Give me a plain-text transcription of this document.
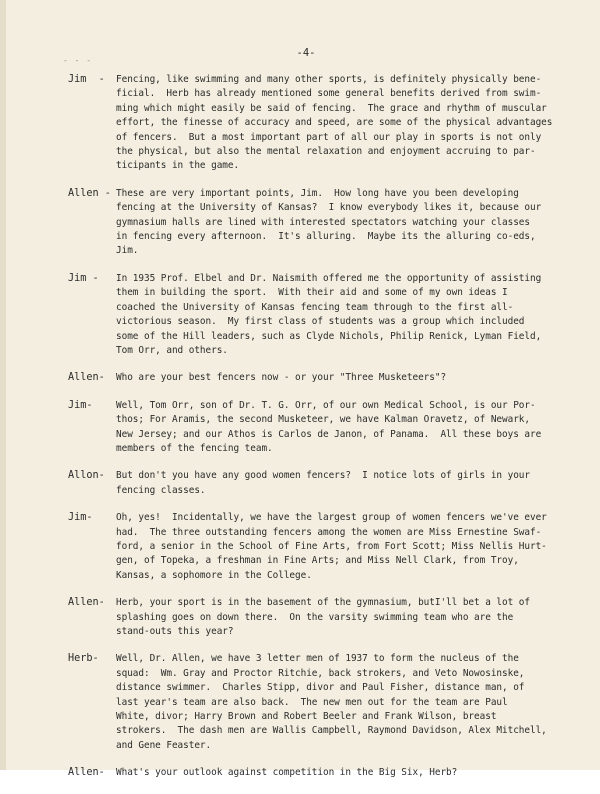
- - -
-4-
Jim  -	Fencing, like swimming and many other sports, is definitely physically bene-
ficial.  Herb has already mentioned some general benefits derived from swim-
ming which might easily be said of fencing.  The grace and rhythm of muscular
effort, the finesse of accuracy and speed, are some of the physical advantages
of fencers.  But a most important part of all our play in sports is not only
the physical, but also the mental relaxation and enjoyment accruing to par-
ticipants in the game.
Allen - These are very important points, Jim.  How long have you been developing
fencing at the University of Kansas?  I know everybody likes it, because our
gymnasium halls are lined with interested spectators watching your classes
in fencing every afternoon.  It's alluring.  Maybe its the alluring co-eds,
Jim.
Jim -	In 1935 Prof. Elbel and Dr. Naismith offered me the opportunity of assisting
them in building the sport.  With their aid and some of my own ideas I
coached the University of Kansas fencing team through to the first all-
victorious season.  My first class of students was a group which included
some of the Hill leaders, such as Clyde Nichols, Philip Renick, Lyman Field,
Tom Orr, and others.
Allen-	Who are your best fencers now - or your "Three Musketeers"?
Jim-	Well, Tom Orr, son of Dr. T. G. Orr, of our own Medical School, is our Por-
thos; For Aramis, the second Musketeer, we have Kalman Oravetz, of Newark,
New Jersey; and our Athos is Carlos de Janon, of Panama.  All these boys are
members of the fencing team.
Allon-	But don't you have any good women fencers?  I notice lots of girls in your
fencing classes.
Jim-	Oh, yes!  Incidentally, we have the largest group of women fencers we've ever
had.  The three outstanding fencers among the women are Miss Ernestine Swaf-
ford, a senior in the School of Fine Arts, from Fort Scott; Miss Nellis Hurt-
gen, of Topeka, a freshman in Fine Arts; and Miss Nell Clark, from Troy,
Kansas, a sophomore in the College.
Allen-	Herb, your sport is in the basement of the gymnasium, butI'll bet a lot of
splashing goes on down there.  On the varsity swimming team who are the
stand-outs this year?
Herb-	Well, Dr. Allen, we have 3 letter men of 1937 to form the nucleus of the
squad:  Wm. Gray and Proctor Ritchie, back strokers, and Veto Nowosinske,
distance swimmer.  Charles Stipp, divor and Paul Fisher, distance man, of
last year's team are also back.  The new men out for the team are Paul
White, divor; Harry Brown and Robert Beeler and Frank Wilson, breast
strokers.  The dash men are Wallis Campbell, Raymond Davidson, Alex Mitchell,
and Gene Feaster.
Allen-	What's your outlook against competition in the Big Six, Herb?
